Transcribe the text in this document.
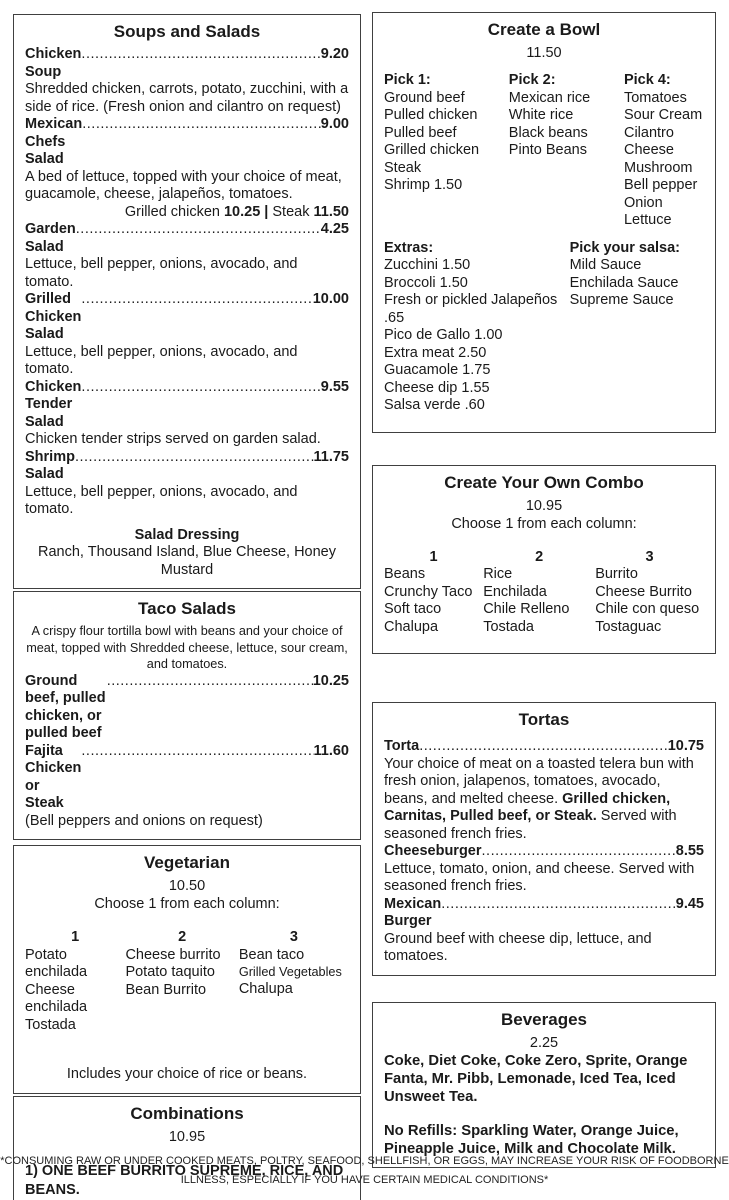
Soups and Salads
Chicken Soup
.....
9.20
Shredded chicken, carrots, potato, zucchini, with a side of rice. (Fresh onion and cilantro on request)
Mexican Chefs Salad
.....
9.00
A bed of lettuce, topped with your choice of meat, guacamole, cheese, jalapeños, tomatoes.
Grilled chicken 10.25 | Steak 11.50
Garden Salad
.....
4.25
Lettuce, bell pepper, onions, avocado, and tomato.
Grilled Chicken Salad
.....
10.00
Lettuce, bell pepper, onions, avocado, and tomato.
Chicken Tender Salad
.....
9.55
Chicken tender strips served on garden salad.
Shrimp Salad
.....
11.75
Lettuce, bell pepper, onions, avocado, and tomato.
Salad Dressing
Ranch, Thousand Island, Blue Cheese, Honey Mustard
Taco Salads
A crispy flour tortilla bowl with beans and your choice of meat, topped with Shredded cheese, lettuce, sour cream, and tomatoes.
Ground beef, pulled chicken, or pulled beef
.....
10.25
Fajita Chicken or Steak
.....
11.60
(Bell peppers and onions on request)
Vegetarian
10.50
Choose 1 from each column:
1
Potato enchilada
Cheese enchilada
Tostada
2
Cheese burrito
Potato taquito
Bean Burrito
3
Bean taco
Grilled Vegetables
Chalupa
Includes your choice of rice or beans.
Combinations
10.95
1) ONE BEEF BURRITO SUPREME, RICE, AND BEANS.
Create a Bowl
11.50
Pick 1:
Ground beef
Pulled chicken
Pulled beef
Grilled chicken
Steak
Shrimp 1.50
Pick 2:
Mexican rice
White rice
Black beans
Pinto Beans
Pick 4:
Tomatoes
Sour Cream
Cilantro
Cheese
Mushroom
Bell pepper
Onion
Lettuce
Extras:
Zucchini 1.50
Broccoli 1.50
Fresh or pickled Jalapeños .65
Pico de Gallo 1.00
Extra meat 2.50
Guacamole 1.75
Cheese dip 1.55
Salsa verde .60
Pick your salsa:
Mild Sauce
Enchilada Sauce
Supreme Sauce
Create Your Own Combo
10.95
Choose 1 from each column:
1
Beans
Crunchy Taco
Soft taco
Chalupa
2
Rice
Enchilada
Chile Relleno
Tostada
3
Burrito
Cheese Burrito
Chile con queso
Tostaguac
Tortas
Torta .....	10.75
Your choice of meat on a toasted telera bun with fresh onion, jalapenos, tomatoes, avocado, beans, and melted cheese. Grilled chicken, Carnitas, Pulled beef, or Steak. Served with seasoned french fries.
Cheeseburger .....	8.55
Lettuce, tomato, onion, and cheese. Served with seasoned french fries.
Mexican Burger
.....
9.45
Ground beef with cheese dip, lettuce, and tomatoes.
Beverages
2.25
Coke, Diet Coke, Coke Zero, Sprite, Orange Fanta, Mr. Pibb, Lemonade, Iced Tea, Iced Unsweet Tea.
No Refills: Sparkling Water, Orange Juice, Pineapple Juice, Milk and Chocolate Milk.
*CONSUMING RAW OR UNDER COOKED MEATS, POLTRY, SEAFOOD, SHELLFISH, OR EGGS, MAY INCREASE YOUR RISK OF FOODBORNE
ILLNESS, ESPECIALLY IF YOU HAVE CERTAIN MEDICAL CONDITIONS*
